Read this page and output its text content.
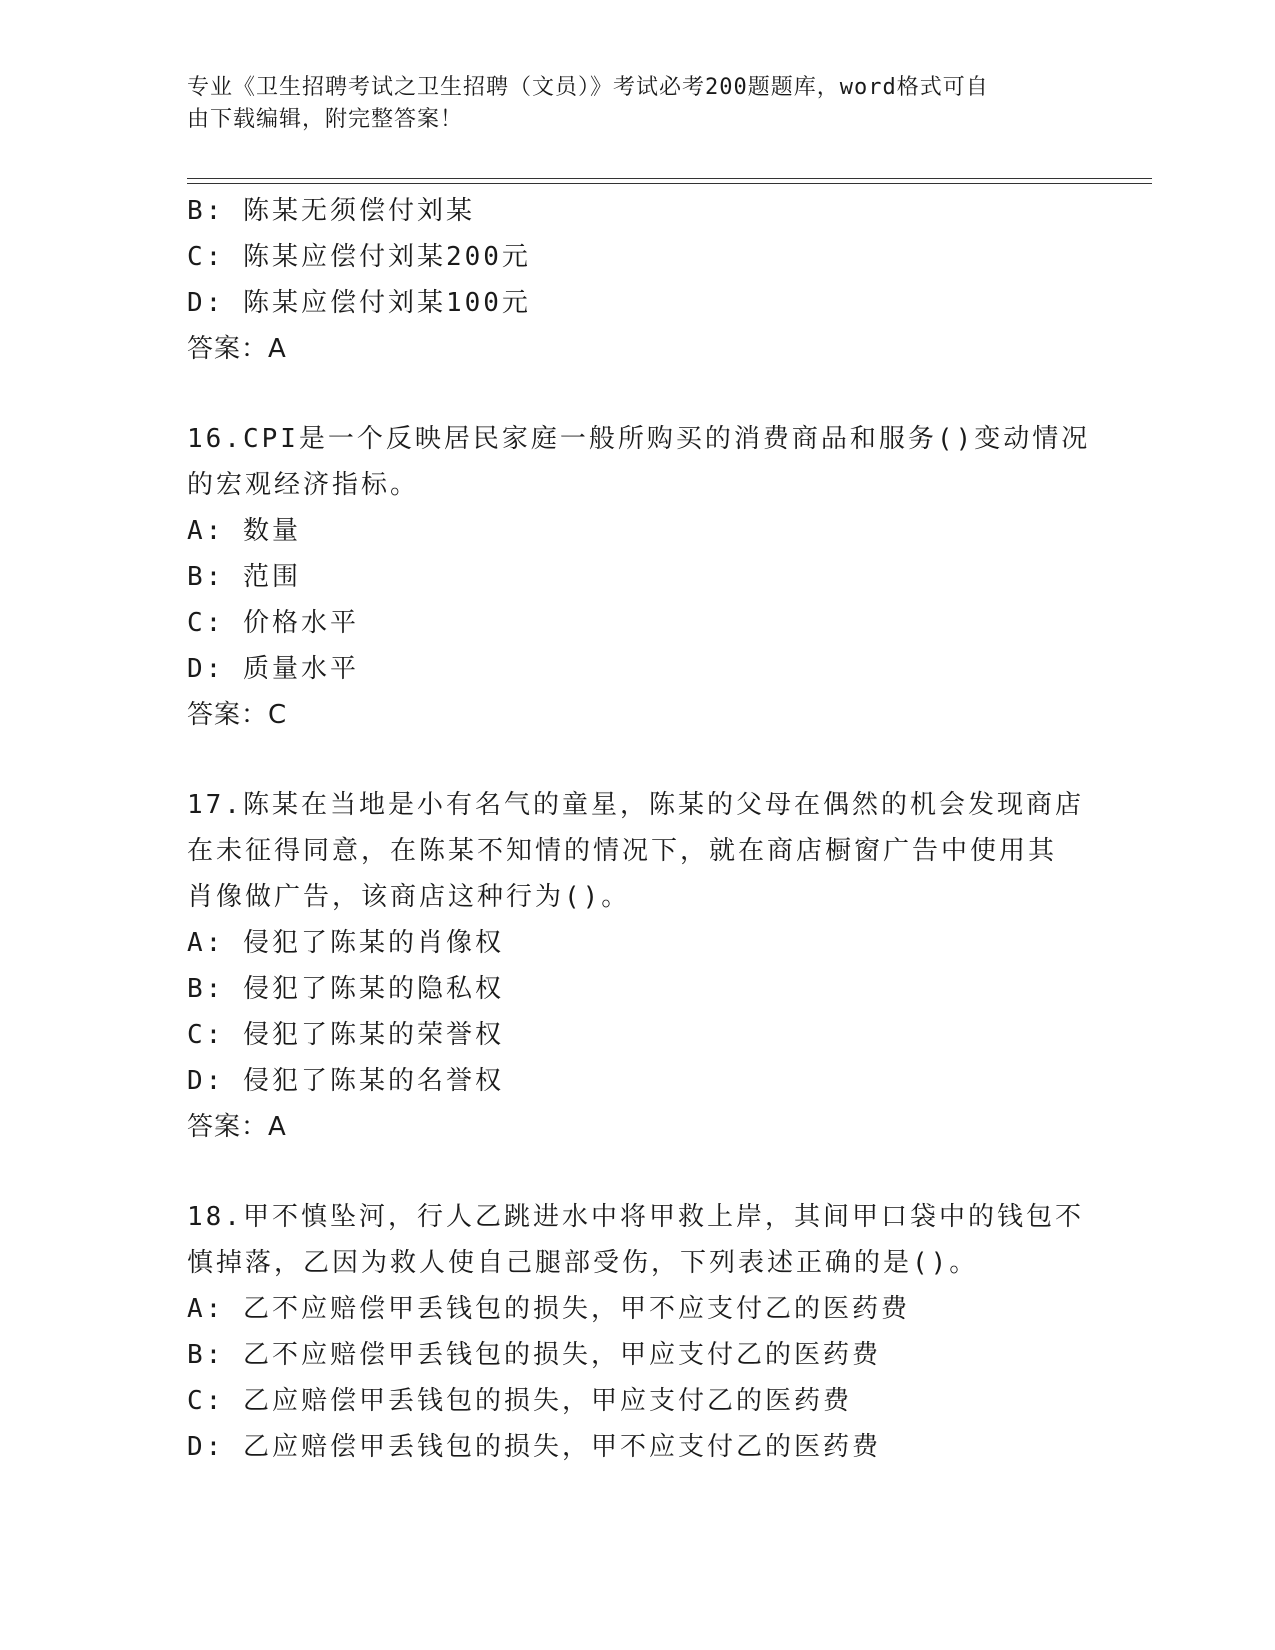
专业《卫生招聘考试之卫生招聘（文员）》考试必考200题题库，word格式可自
由下载编辑，附完整答案！
B: 陈某无须偿付刘某
C: 陈某应偿付刘某200元
D: 陈某应偿付刘某100元
答案：A
16.CPI是一个反映居民家庭一般所购买的消费商品和服务()变动情况
的宏观经济指标。
A: 数量
B: 范围
C: 价格水平
D: 质量水平
答案：C
17.陈某在当地是小有名气的童星，陈某的父母在偶然的机会发现商店
在未征得同意，在陈某不知情的情况下，就在商店橱窗广告中使用其
肖像做广告，该商店这种行为()。
A: 侵犯了陈某的肖像权
B: 侵犯了陈某的隐私权
C: 侵犯了陈某的荣誉权
D: 侵犯了陈某的名誉权
答案：A
18.甲不慎坠河，行人乙跳进水中将甲救上岸，其间甲口袋中的钱包不
慎掉落，乙因为救人使自己腿部受伤，下列表述正确的是()。
A: 乙不应赔偿甲丢钱包的损失，甲不应支付乙的医药费
B: 乙不应赔偿甲丢钱包的损失，甲应支付乙的医药费
C: 乙应赔偿甲丢钱包的损失，甲应支付乙的医药费
D: 乙应赔偿甲丢钱包的损失，甲不应支付乙的医药费
